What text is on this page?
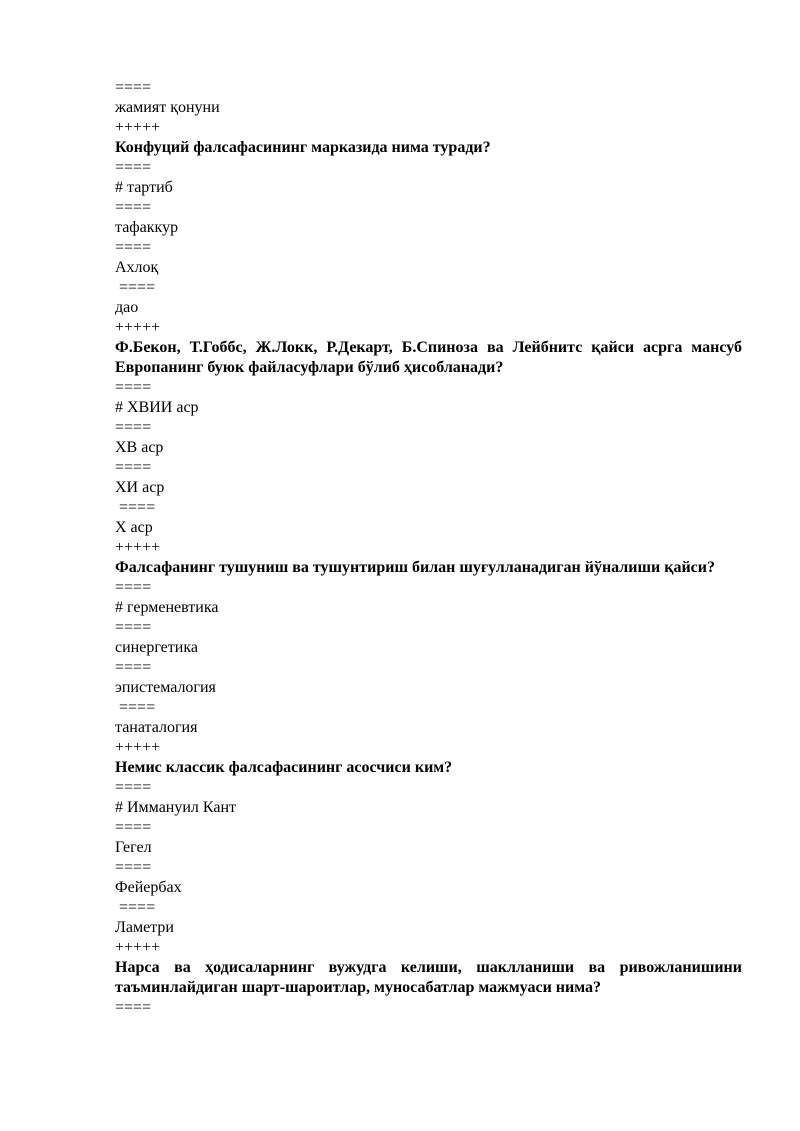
====
жамият қонуни
+++++
Конфуций фалсафасининг марказида нима туради?
====
# тартиб
====
тафаккур
====
Ахлоқ
====
дао
+++++
Ф.Бекон, Т.Гоббс, Ж.Локк, Р.Декарт, Б.Спиноза ва Лейбнитс қайси асрга мансуб Европанинг буюк файласуфлари бўлиб ҳисобланади?
====
# ХВИИ аср
====
ХВ аср
====
ХИ аср
====
Х аср
+++++
Фалсафанинг тушуниш ва тушунтириш билан шуғулланадиган йўналиши қайси?
====
# герменевтика
====
синергетика
====
эпистемалогия
====
танаталогия
+++++
Немис классик фалсафасининг асосчиси ким?
====
# Иммануил Кант
====
Гегел
====
Фейербах
====
Ламетри
+++++
Нарса ва ҳодисаларнинг вужудга келиши, шаклланиши ва ривожланишини таъминлайдиган шарт-шароитлар, муносабатлар мажмуаси нима?
====
